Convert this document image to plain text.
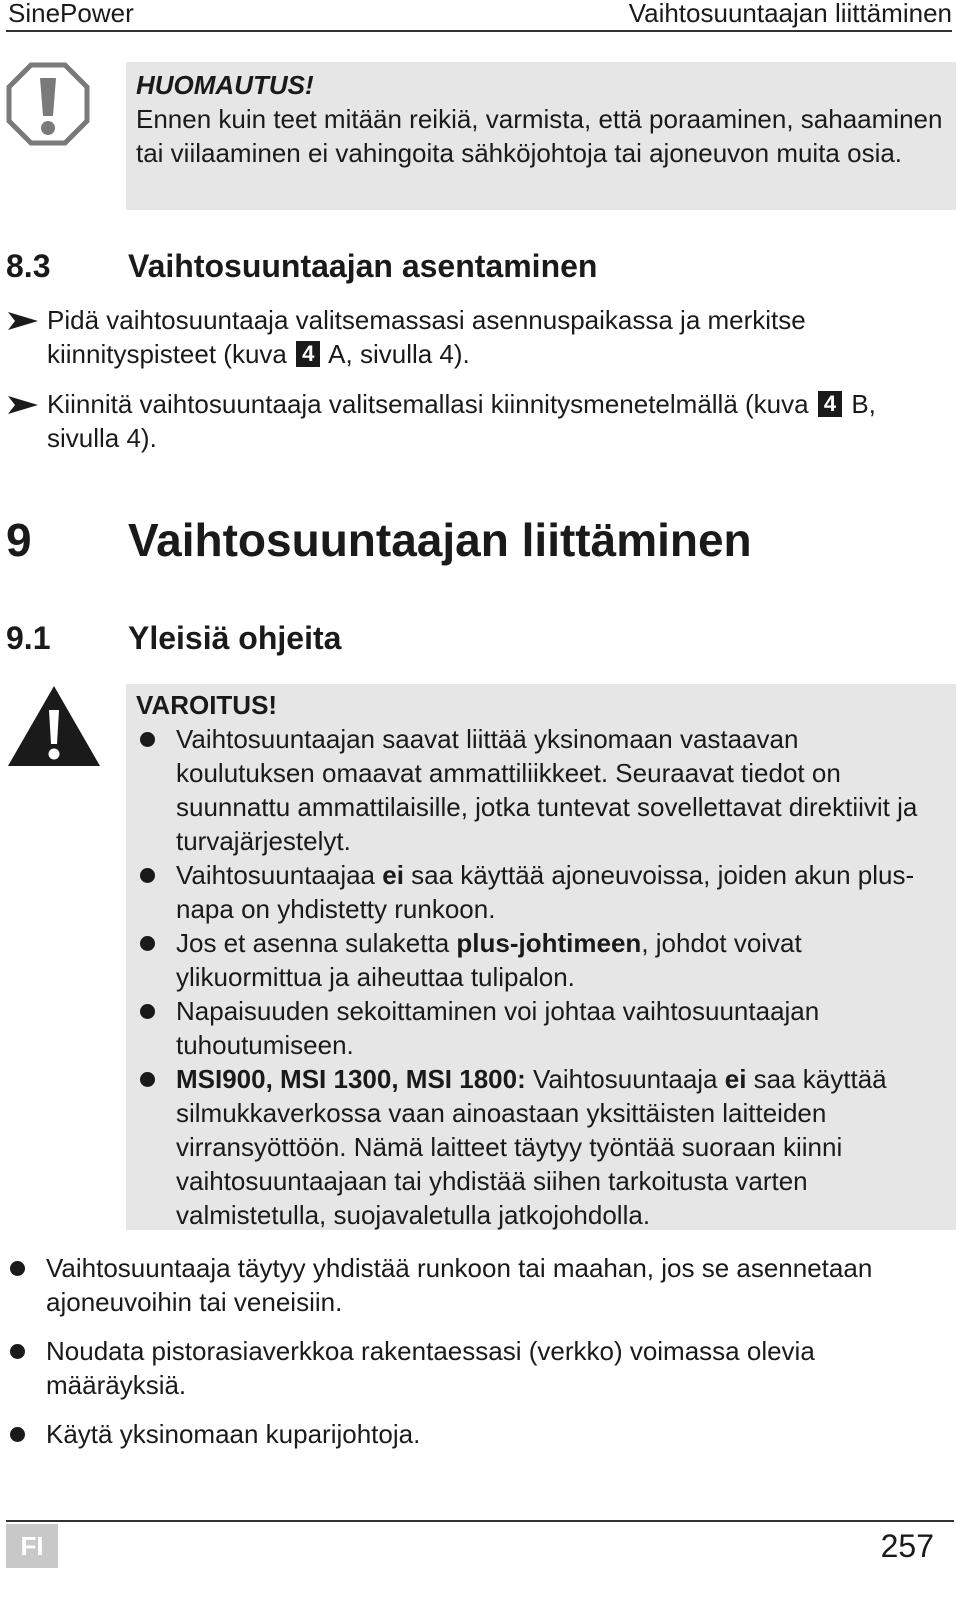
SinePower	Vaihtosuuntaajan liittäminen
HUOMAUTUS!
Ennen kuin teet mitään reikiä, varmista, että poraaminen, sahaaminen tai viilaaminen ei vahingoita sähköjohtoja tai ajoneuvon muita osia.
8.3 Vaihtosuuntaajan asentaminen
Pidä vaihtosuuntaaja valitsemassasi asennuspaikassa ja merkitse kiinnityspisteet (kuva 4 A, sivulla 4).
Kiinnitä vaihtosuuntaaja valitsemallasi kiinnitysmenetelmällä (kuva 4 B, sivulla 4).
9 Vaihtosuuntaajan liittäminen
9.1 Yleisiä ohjeita
VAROITUS!
Vaihtosuuntaajan saavat liittää yksinomaan vastaavan koulutuksen omaavat ammattiliikkeet. Seuraavat tiedot on suunnattu ammattilaisille, jotka tuntevat sovellettavat direktiivit ja turvajärjestelyt.
Vaihtosuuntaajaa ei saa käyttää ajoneuvoissa, joiden akun plus-napa on yhdistetty runkoon.
Jos et asenna sulaketta plus-johtimeen, johdot voivat ylikuormittua ja aiheuttaa tulipalon.
Napaisuuden sekoittaminen voi johtaa vaihtosuuntaajan tuhoutumiseen.
MSI900, MSI 1300, MSI 1800: Vaihtosuuntaaja ei saa käyttää silmukkaverkossa vaan ainoastaan yksittäisten laitteiden virransyöttöön. Nämä laitteet täytyy työntää suoraan kiinni vaihtosuuntaajaan tai yhdistää siihen tarkoitusta varten valmistetulla, suojavaletulla jatkojohdolla.
Vaihtosuuntaaja täytyy yhdistää runkoon tai maahan, jos se asennetaan ajoneuvoihin tai veneisiin.
Noudata pistorasiaverkkoa rakentaessasi (verkko) voimassa olevia määräyksiä.
Käytä yksinomaan kuparijohtoja.
FI	257
